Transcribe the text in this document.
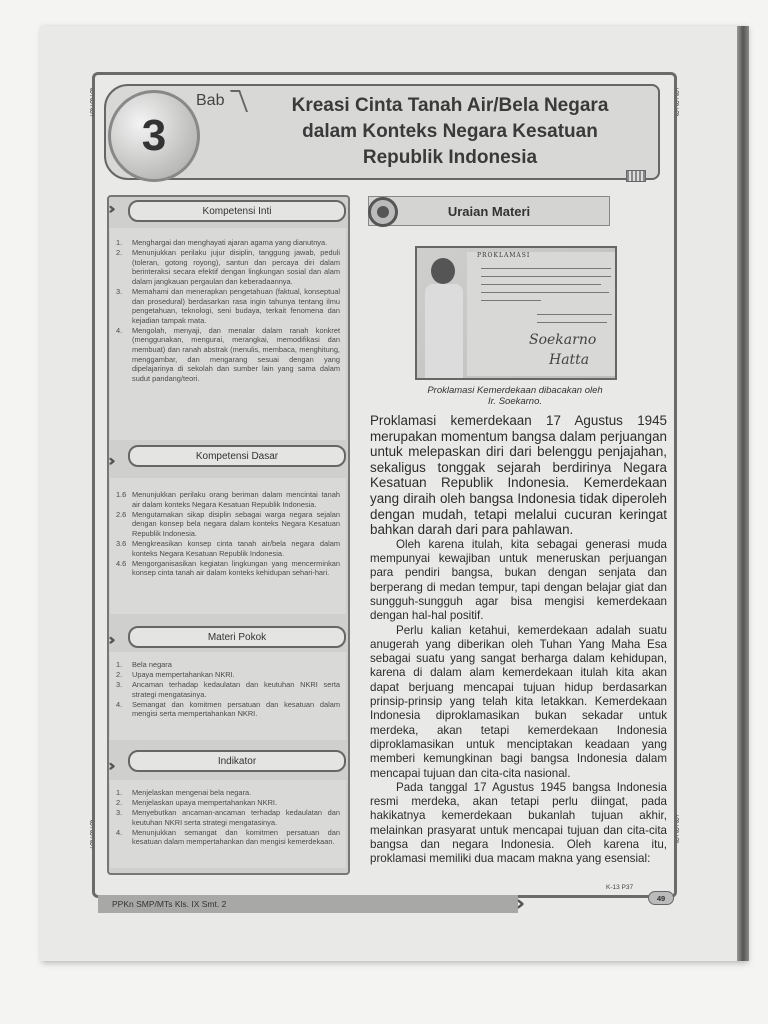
§
§
§
§
§
§
§
§
§
§
§
§
3
Bab	Kreasi Cinta Tanah Air/Bela Negara
dalam Konteks Negara Kesatuan
Republik Indonesia
›››	Kompetensi Inti
1.	Menghargai dan menghayati ajaran agama yang dianutnya.
2.	Menunjukkan perilaku jujur disiplin, tanggung jawab, peduli (toleran, gotong royong), santun dan percaya diri dalam berinteraksi secara efektif dengan lingkungan sosial dan alam dalam jangkauan pergaulan dan keberadaannya.
3.	Memahami dan menerapkan pengetahuan (faktual, konseptual dan prosedural) berdasarkan rasa ingin tahunya tentang ilmu pengetahuan, teknologi, seni budaya, terkait fenomena dan kejadian tampak mata.
4.	Mengolah, menyaji, dan menalar dalam ranah konkret (menggunakan, mengurai, merangkai, memodifikasi dan membuat) dan ranah abstrak (menulis, membaca, menghitung, menggambar, dan mengarang sesuai dengan yang dipelajarinya di sekolah dan sumber lain yang sama dalam sudut pandang/teori.
›››	Kompetensi Dasar
1.6 Menunjukkan perilaku orang beriman dalam mencintai tanah air dalam konteks Negara Kesatuan Republik Indonesia.
2.6 Mengutamakan sikap disiplin sebagai warga negara sejalan dengan konsep bela negara dalam konteks Negara Kesatuan Republik Indonesia.
3.6 Mengkreasikan konsep cinta tanah air/bela negara dalam konteks Negara Kesatuan Republik Indonesia.
4.6 Mengorganisasikan kegiatan lingkungan yang mencerminkan konsep cinta tanah air dalam konteks kehidupan sehari-hari.
›››	Materi Pokok
1.	Bela negara
2.	Upaya mempertahankan NKRI.
3.	Ancaman terhadap kedaulatan dan keutuhan NKRI serta strategi mengatasinya.
4.	Semangat dan komitmen persatuan dan kesatuan dalam mengisi serta mempertahankan NKRI.
›››	Indikator
1.	Menjelaskan mengenai bela negara.
2.	Menjelaskan upaya mempertahankan NKRI.
3.	Menyebutkan ancaman-ancaman terhadap kedaulatan dan keutuhan NKRI serta strategi mengatasinya.
4.	Menunjukkan semangat dan komitmen persatuan dan kesatuan dalam mempertahankan dan mengisi kemerdekaan.
Uraian Materi
PROKLAMASI
Soekarno
Hatta
Proklamasi Kemerdekaan dibacakan oleh
Ir. Soekarno.

Proklamasi kemerdekaan 17 Agustus 1945 merupakan momentum bangsa dalam perjuangan untuk melepaskan diri dari belenggu penjajahan, sekaligus tonggak sejarah berdirinya Negara Kesatuan Republik Indonesia. Kemerdekaan yang diraih oleh bangsa Indonesia tidak diperoleh dengan mudah, tetapi melalui cucuran keringat bahkan darah dari para pahlawan.

Oleh karena itulah, kita sebagai generasi muda mempunyai kewajiban untuk meneruskan perjuangan para pendiri bangsa, bukan dengan senjata dan berperang di medan tempur, tapi dengan belajar giat dan sungguh-sungguh agar bisa mengisi kemerdekaan dengan hal-hal positif.

Perlu kalian ketahui, kemerdekaan adalah suatu anugerah yang diberikan oleh Tuhan Yang Maha Esa sebagai suatu yang sangat berharga dalam kehidupan, karena di dalam alam kemerdekaan itulah kita akan dapat berjuang mencapai tujuan hidup berdasarkan prinsip-prinsip yang telah kita letakkan. Kemerdekaan Indonesia diproklamasikan bukan sekadar untuk merdeka, akan tetapi kemerdekaan Indonesia diproklamasikan untuk menciptakan keadaan yang memberi kemungkinan bagi bangsa Indonesia dalam mencapai tujuan dan cita-cita nasional.

Pada tanggal 17 Agustus 1945 bangsa Indonesia resmi merdeka, akan tetapi perlu diingat, pada hakikatnya kemerdekaan bukanlah tujuan akhir, melainkan prasyarat untuk mencapai tujuan dan cita-cita bangsa dan negara Indonesia. Oleh karena itu, proklamasi memiliki dua macam makna yang esensial:

PPKn SMP/MTs Kls. IX Smt. 2	››››
K-13 P37
49
